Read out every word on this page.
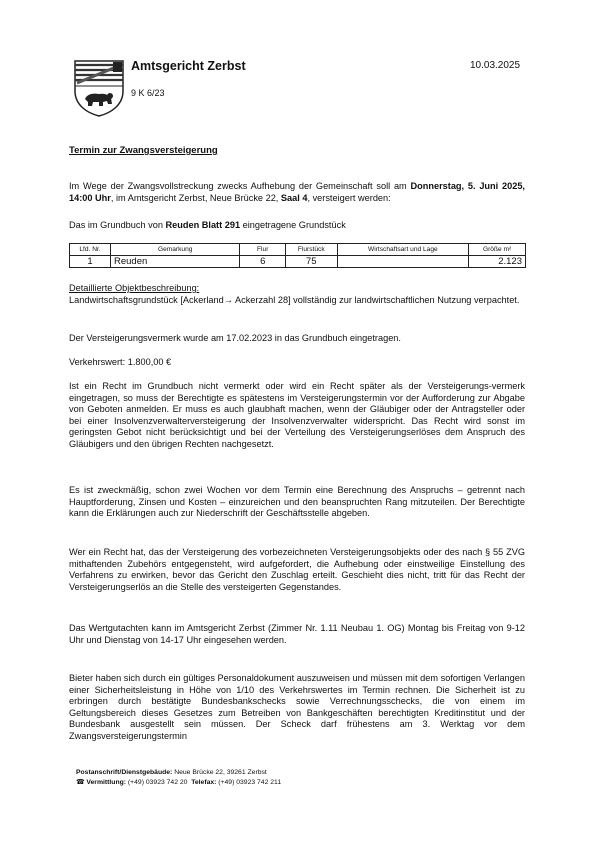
Amtsgericht Zerbst	10.03.2025
9 K 6/23
Termin zur Zwangsversteigerung
Im Wege der Zwangsvollstreckung zwecks Aufhebung der Gemeinschaft soll am Donnerstag, 5. Juni 2025, 14:00 Uhr, im Amtsgericht Zerbst, Neue Brücke 22, Saal 4, versteigert werden:
Das im Grundbuch von Reuden Blatt 291 eingetragene Grundstück
Lfd. Nr.	Gemarkung	Flur	Flurstück	Wirtschaftsart und Lage	Größe m²
1	Reuden	6	75		2.123
Detaillierte Objektbeschreibung:
Landwirtschaftsgrundstück [Ackerland→ Ackerzahl 28] vollständig zur landwirtschaftlichen Nutzung verpachtet.
Der Versteigerungsvermerk wurde am 17.02.2023 in das Grundbuch eingetragen.
Verkehrswert: 1.800,00 €
Ist ein Recht im Grundbuch nicht vermerkt oder wird ein Recht später als der Versteigerungs-vermerk eingetragen, so muss der Berechtigte es spätestens im Versteigerungstermin vor der Aufforderung zur Abgabe von Geboten anmelden. Er muss es auch glaubhaft machen, wenn der Gläubiger oder der Antragsteller oder bei einer Insolvenzverwalterversteigerung der Insolvenzverwalter widerspricht. Das Recht wird sonst im geringsten Gebot nicht berücksichtigt und bei der Verteilung des Versteigerungserlöses dem Anspruch des Gläubigers und den übrigen Rechten nachgesetzt.
Es ist zweckmäßig, schon zwei Wochen vor dem Termin eine Berechnung des Anspruchs – getrennt nach Hauptforderung, Zinsen und Kosten – einzureichen und den beanspruchten Rang mitzuteilen. Der Berechtigte kann die Erklärungen auch zur Niederschrift der Geschäftsstelle abgeben.
Wer ein Recht hat, das der Versteigerung des vorbezeichneten Versteigerungsobjekts oder des nach § 55 ZVG mithaftenden Zubehörs entgegensteht, wird aufgefordert, die Aufhebung oder einstweilige Einstellung des Verfahrens zu erwirken, bevor das Gericht den Zuschlag erteilt. Geschieht dies nicht, tritt für das Recht der Versteigerungserlös an die Stelle des versteigerten Gegenstandes.
Das Wertgutachten kann im Amtsgericht Zerbst (Zimmer Nr. 1.11 Neubau 1. OG) Montag bis Freitag von 9-12 Uhr und Dienstag von 14-17 Uhr eingesehen werden.
Bieter haben sich durch ein gültiges Personaldokument auszuweisen und müssen mit dem sofortigen Verlangen einer Sicherheitsleistung in Höhe von 1/10 des Verkehrswertes im Termin rechnen. Die Sicherheit ist zu erbringen durch bestätigte Bundesbankschecks sowie Verrechnungsschecks, die von einem im Geltungsbereich dieses Gesetzes zum Betreiben von Bankgeschäften berechtigten Kreditinstitut und der Bundesbank ausgestellt sein müssen. Der Scheck darf frühestens am 3. Werktag vor dem Zwangsversteigerungstermin
Postanschrift/Dienstgebäude: Neue Brücke 22, 39261 Zerbst
☎ Vermittlung: (+49) 03923 742 20 Telefax: (+49) 03923 742 211
